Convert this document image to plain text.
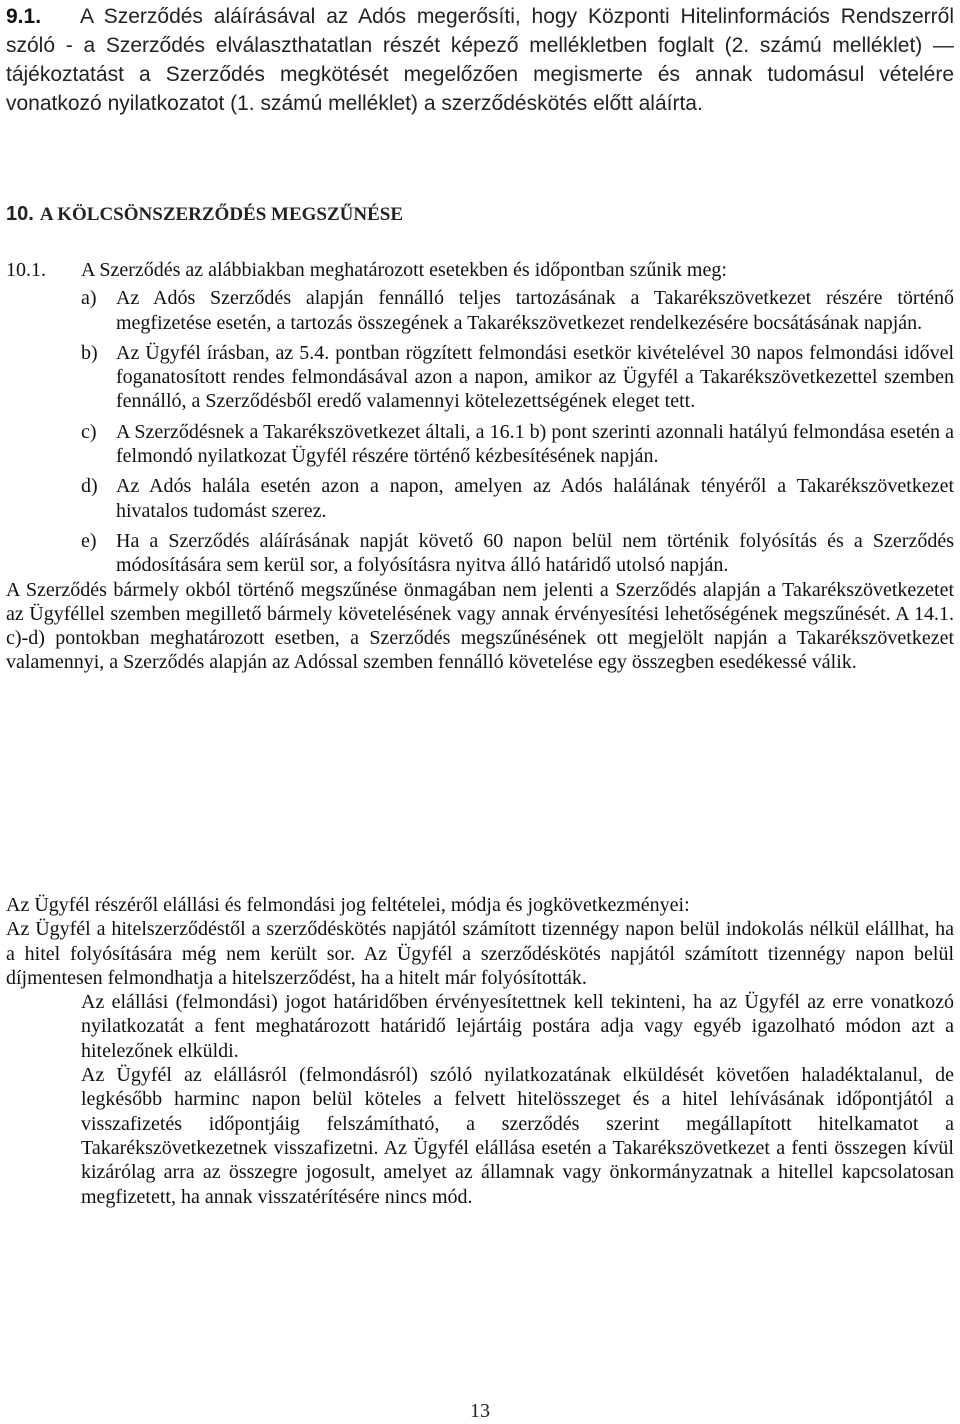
9.1. A Szerződés aláírásával az Adós megerősíti, hogy Központi Hitelinformációs Rendszerről szóló - a Szerződés elválaszthatatlan részét képező mellékletben foglalt (2. számú melléklet) ― tájékoztatást a Szerződés megkötését megelőzően megismerte és annak tudomásul vételére vonatkozó nyilatkozatot (1. számú melléklet) a szerződéskötés előtt aláírta.

10. A KÖLCSÖNSZERZŐDÉS MEGSZŰNÉSE

10.1. A Szerződés az alábbiakban meghatározott esetekben és időpontban szűnik meg:

a) Az Adós Szerződés alapján fennálló teljes tartozásának a Takarékszövetkezet részére történő megfizetése esetén, a tartozás összegének a Takarékszövetkezet rendelkezésére bocsátásának napján.
b) Az Ügyfél írásban, az 5.4. pontban rögzített felmondási esetkör kivételével 30 napos felmondási idővel foganatosított rendes felmondásával azon a napon, amikor az Ügyfél a Takarékszövetkezettel szemben fennálló, a Szerződésből eredő valamennyi kötelezettségének eleget tett.
c) A Szerződésnek a Takarékszövetkezet általi, a 16.1 b) pont szerinti azonnali hatályú felmondása esetén a felmondó nyilatkozat Ügyfél részére történő kézbesítésének napján.
d) Az Adós halála esetén azon a napon, amelyen az Adós halálának tényéről a Takarékszövetkezet hivatalos tudomást szerez.
e) Ha a Szerződés aláírásának napját követő 60 napon belül nem történik folyósítás és a Szerződés módosítására sem kerül sor, a folyósításra nyitva álló határidő utolsó napján.

A Szerződés bármely okból történő megszűnése önmagában nem jelenti a Szerződés alapján a Takarékszövetkezetet az Ügyféllel szemben megillető bármely követelésének vagy annak érvényesítési lehetőségének megszűnését. A 14.1. c)-d) pontokban meghatározott esetben, a Szerződés megszűnésének ott megjelölt napján a Takarékszövetkezet valamennyi, a Szerződés alapján az Adóssal szemben fennálló követelése egy összegben esedékessé válik.

Az Ügyfél részéről elállási és felmondási jog feltételei, módja és jogkövetkezményei:

Az Ügyfél a hitelszerződéstől a szerződéskötés napjától számított tizennégy napon belül indokolás nélkül elállhat, ha a hitel folyósítására még nem került sor. Az Ügyfél a szerződéskötés napjától számított tizennégy napon belül díjmentesen felmondhatja a hitelszerződést, ha a hitelt már folyósították.

Az elállási (felmondási) jogot határidőben érvényesítettnek kell tekinteni, ha az Ügyfél az erre vonatkozó nyilatkozatát a fent meghatározott határidő lejártáig postára adja vagy egyéb igazolható módon azt a hitelezőnek elküldi.

Az Ügyfél az elállásról (felmondásról) szóló nyilatkozatának elküldését követően haladéktalanul, de legkésőbb harminc napon belül köteles a felvett hitelösszeget és a hitel lehívásának időpontjától a visszafizetés időpontjáig felszámítható, a szerződés szerint megállapított hitelkamatot a Takarékszövetkezetnek visszafizetni. Az Ügyfél elállása esetén a Takarékszövetkezet a fenti összegen kívül kizárólag arra az összegre jogosult, amelyet az államnak vagy önkormányzatnak a hitellel kapcsolatosan megfizetett, ha annak visszatérítésére nincs mód.

13
